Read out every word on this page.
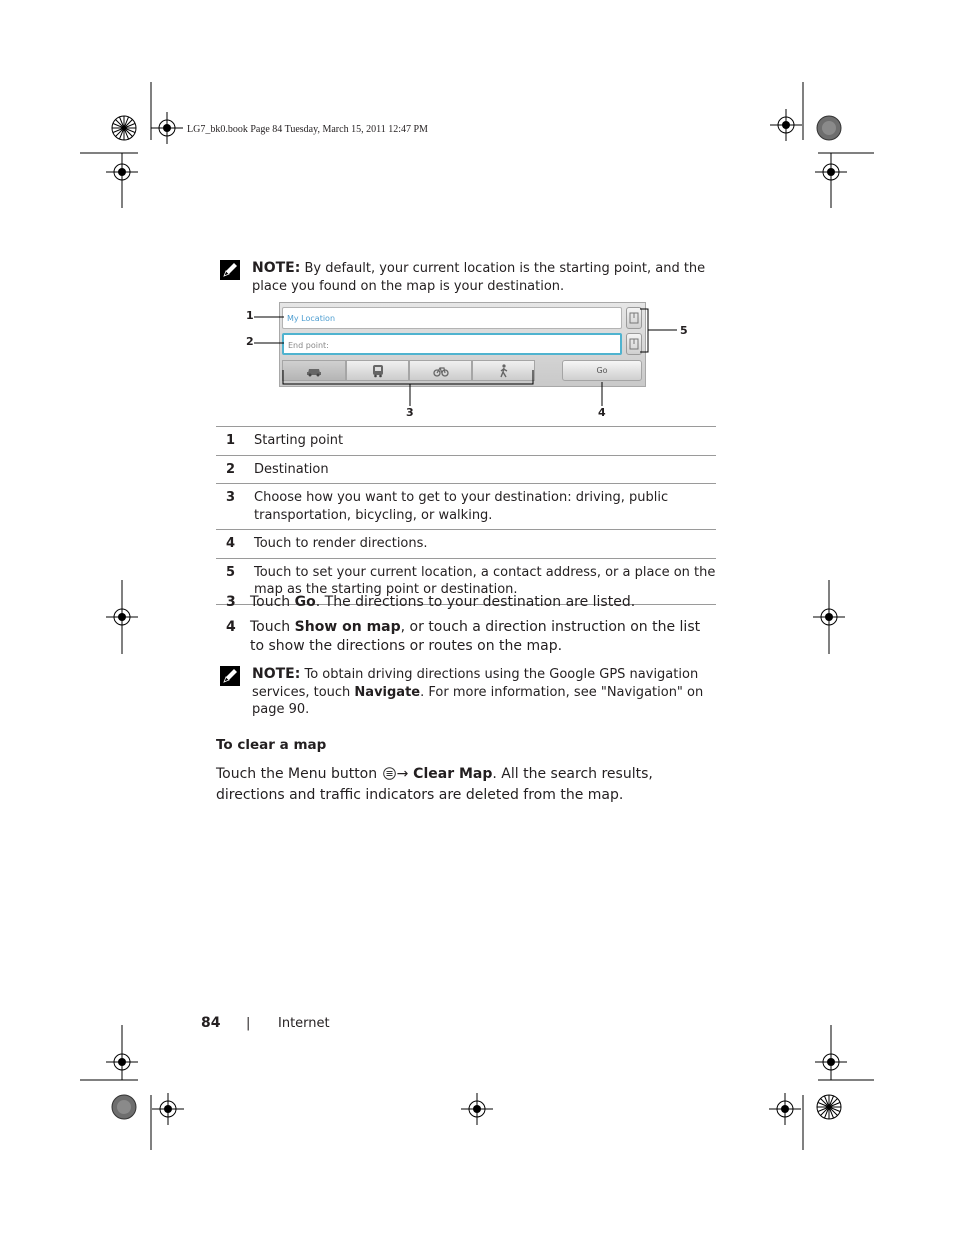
LG7_bk0.book Page 84 Tuesday, March 15, 2011 12:47 PM
NOTE: By default, your current location is the starting point, and the place you found on the map is your destination.
My Location
End point:
Go
1
2
3	4
5
1	Starting point
2	Destination
3	Choose how you want to get to your destination: driving, public transportation, bicycling, or walking.
4	Touch to render directions.
5	Touch to set your current location, a contact address, or a place on the map as the starting point or destination.
3 Touch Go. The directions to your destination are listed.
4 Touch Show on map, or touch a direction instruction on the list to show the directions or routes on the map.
NOTE: To obtain driving directions using the Google GPS navigation services, touch Navigate. For more information, see "Navigation" on page 90.
To clear a map
Touch the Menu button → Clear Map. All the search results, directions and traffic indicators are deleted from the map.
84 | Internet
